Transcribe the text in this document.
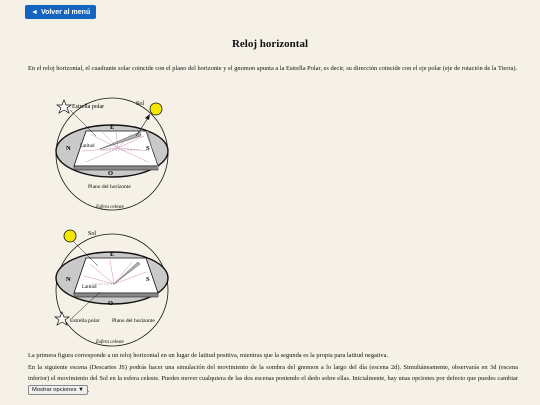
◄ Volver al menú
Reloj horizontal

En el reloj horizontal, el cuadrante solar coincide con el plano del horizonte y el gnomon apunta a la Estrella Polar, es decir, su dirección coincide con el eje polar (eje de rotación de la Tierra).

Estrella polar	Sol
E
N	S
O
Latitud
Plano del horizonte
Esfera celeste
Sol
E
N	S
O
Latitud
Estrella polar Plano del horizonte
Esfera celeste

La primera figura corresponde a un reloj horizontal en un lugar de latitud positiva, mientras que la segunda es la propia para latitud negativa.
En la siguiente escena (Descartes JS) podrás hacer una simulación del movimiento de la sombra del gnomon a lo largo del día (escena 2d). Simultáneamente, observarás en 3d (escena inferior) el movimiento del Sol en la esfera celeste. Puedes mover cualquiera de las dos escenas poniendo el dedo sobre ellas. Inicialmente, hay unas opciones por defecto que puedes cambiar Mostrar opciones ▼ .
